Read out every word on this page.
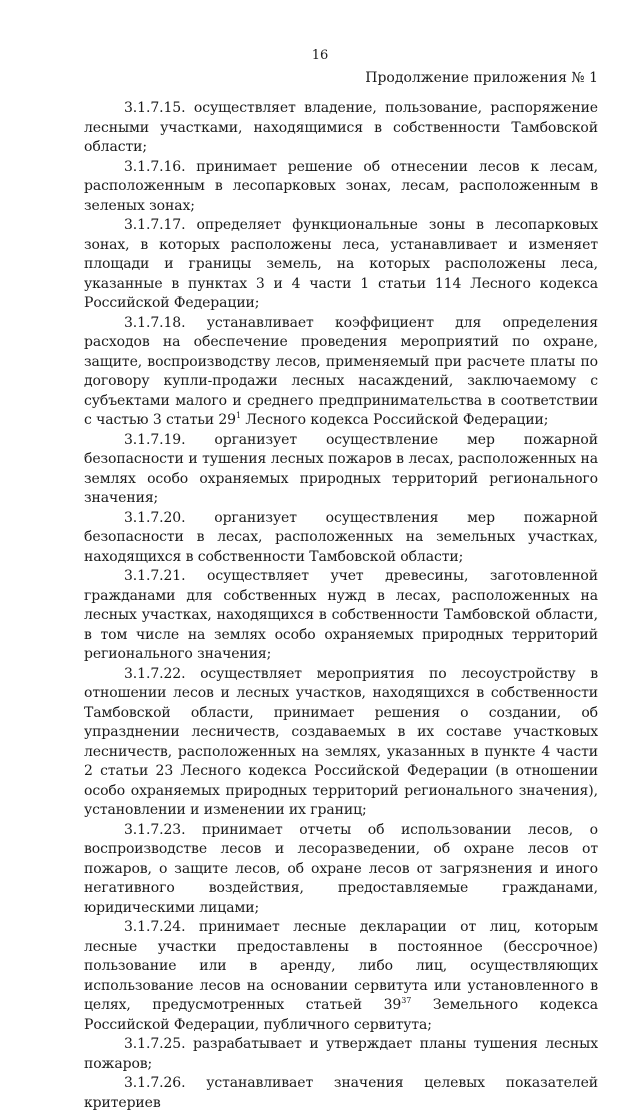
16
Продолжение приложения № 1

3.1.7.15. осуществляет владение, пользование, распоряжение лесными участками, находящимися в собственности Тамбовской области;

3.1.7.16. принимает решение об отнесении лесов к лесам, расположенным в лесопарковых зонах, лесам, расположенным в зеленых зонах;

3.1.7.17. определяет функциональные зоны в лесопарковых зонах, в которых расположены леса, устанавливает и изменяет площади и границы земель, на которых расположены леса, указанные в пунктах 3 и 4 части 1 статьи 114 Лесного кодекса Российской Федерации;

3.1.7.18. устанавливает коэффициент для определения расходов на обеспечение проведения мероприятий по охране, защите, воспроизводству лесов, применяемый при расчете платы по договору купли-продажи лесных насаждений, заключаемому с субъектами малого и среднего предпринимательства в соответствии с частью 3 статьи $29^1$ Лесного кодекса Российской Федерации;

3.1.7.19. организует осуществление мер пожарной безопасности и тушения лесных пожаров в лесах, расположенных на землях особо охраняемых природных территорий регионального значения;

3.1.7.20. организует осуществления мер пожарной безопасности в лесах, расположенных на земельных участках, находящихся в собственности Тамбовской области;

3.1.7.21. осуществляет учет древесины, заготовленной гражданами для собственных нужд в лесах, расположенных на лесных участках, находящихся в собственности Тамбовской области, в том числе на землях особо охраняемых природных территорий регионального значения;

3.1.7.22. осуществляет мероприятия по лесоустройству в отношении лесов и лесных участков, находящихся в собственности Тамбовской области, принимает решения о создании, об упразднении лесничеств, создаваемых в их составе участковых лесничеств, расположенных на землях, указанных в пункте 4 части 2 статьи 23 Лесного кодекса Российской Федерации (в отношении особо охраняемых природных территорий регионального значения), установлении и изменении их границ;

3.1.7.23. принимает отчеты об использовании лесов, о воспроизводстве лесов и лесоразведении, об охране лесов от пожаров, о защите лесов, об охране лесов от загрязнения и иного негативного воздействия, предоставляемые гражданами, юридическими лицами;

3.1.7.24. принимает лесные декларации от лиц, которым лесные участки предоставлены в постоянное (бессрочное) пользование или в аренду, либо лиц, осуществляющих использование лесов на основании сервитута или установленного в целях, предусмотренных статьей $39^{37}$ Земельного кодекса Российской Федерации, публичного сервитута;

3.1.7.25. разрабатывает и утверждает планы тушения лесных пожаров;

3.1.7.26. устанавливает значения целевых показателей критериев
